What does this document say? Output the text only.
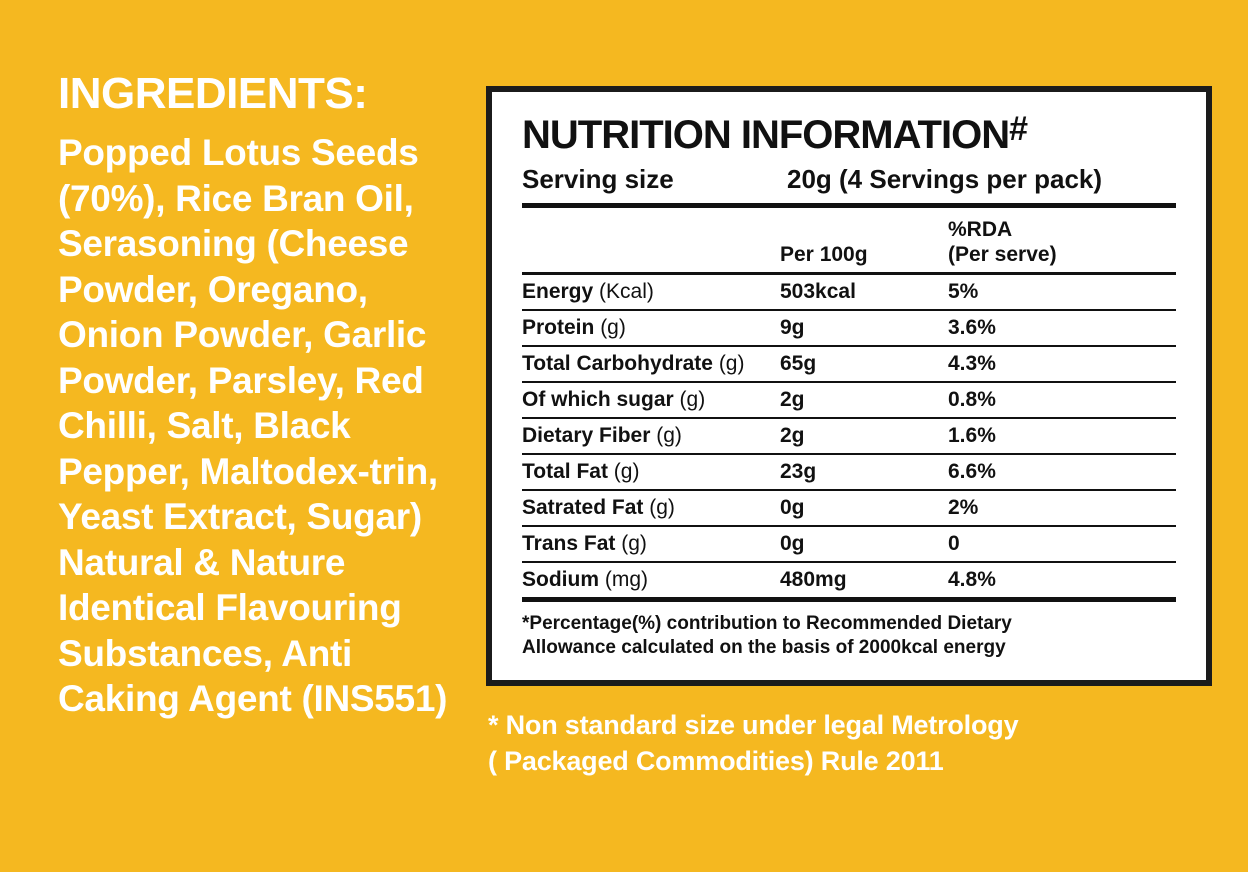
INGREDIENTS:
Popped Lotus Seeds (70%), Rice Bran Oil, Serasoning (Cheese Powder, Oregano, Onion Powder, Garlic Powder, Parsley, Red Chilli, Salt, Black Pepper, Maltodex-trin, Yeast Extract, Sugar) Natural & Nature Identical Flavouring Substances, Anti Caking Agent (INS551)
NUTRITION INFORMATION#
Serving size	20g (4 Servings per pack)
	Per 100g	%RDA
(Per serve)

Energy (Kcal)	503kcal	5%
Protein (g)	9g	3.6%
Total Carbohydrate (g)	65g	4.3%
Of which sugar (g)	2g	0.8%
Dietary Fiber (g)	2g	1.6%
Total Fat (g)	23g	6.6%
Satrated Fat (g)	0g	2%
Trans Fat (g)	0g	0
Sodium (mg)	480mg	4.8%
*Percentage(%) contribution to Recommended Dietary
Allowance calculated on the basis of 2000kcal energy
* Non standard size under legal Metrology
( Packaged Commodities) Rule 2011
